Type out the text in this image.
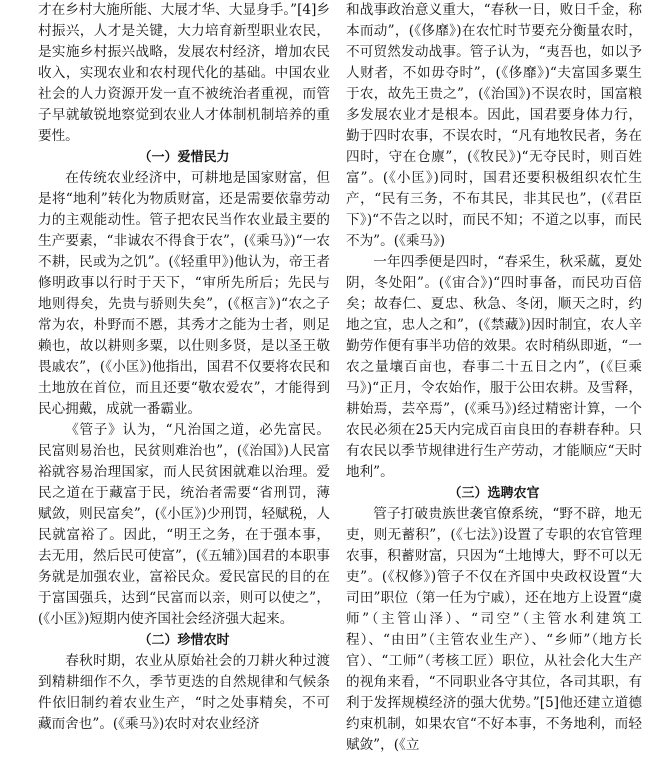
才在乡村大施所能、大展才华、大显身手。”[4]乡村振兴，人才是关键，大力培育新型职业农民，是实施乡村振兴战略，发展农村经济，增加农民收入，实现农业和农村现代化的基础。中国农业社会的人力资源开发一直不被统治者重视，而管子早就敏锐地察觉到农业人才体制机制培养的重要性。

（一）爱惜民力

在传统农业经济中，可耕地是国家财富，但是将“地利”转化为物质财富，还是需要依靠劳动力的主观能动性。管子把农民当作农业最主要的生产要素，“非诚农不得食于农”，(《乘马》)“一农不耕，民或为之饥”。(《轻重甲》)他认为，帝王者修明政事以行时于天下，“审所先所后；先民与地则得矣，先贵与骄则失矣”，(《枢言》)“农之子常为农，朴野而不慝，其秀才之能为士者，则足赖也，故以耕则多粟，以仕则多贤，是以圣王敬畏戚农”，(《小匡》)他指出，国君不仅要将农民和土地放在首位，而且还要“敬农爱农”，才能得到民心拥戴，成就一番霸业。

《管子》认为，“凡治国之道，必先富民。民富则易治也，民贫则难治也”，(《治国》)人民富裕就容易治理国家，而人民贫困就难以治理。爱民之道在于藏富于民，统治者需要“省刑罚，薄赋敛，则民富矣”，(《小匡》)少刑罚，轻赋税，人民就富裕了。因此，“明王之务，在于强本事，去无用，然后民可使富”，(《五辅》)国君的本职事务就是加强农业，富裕民众。爱民富民的目的在于富国强兵，达到“民富而以亲，则可以使之”，(《小匡》)短期内使齐国社会经济强大起来。

（二）珍惜农时

春秋时期，农业从原始社会的刀耕火种过渡到精耕细作不久，季节更迭的自然规律和气候条件依旧制约着农业生产，“时之处事精矣，不可藏而舍也”。(《乘马》)农时对农业经济

和战事政治意义重大，“春秋一日，败日千金，称本而动”，(《侈靡》)在农忙时节要充分衡量农时，不可贸然发动战事。管子认为，“夷吾也，如以予人财者，不如毋夺时”，(《侈靡》)“夫富国多粟生于农，故先王贵之”，(《治国》)不误农时，国富粮多发展农业才是根本。因此，国君要身体力行，勤于四时农事，不误农时，“凡有地牧民者，务在四时，守在仓廪”，(《牧民》)“无夺民时，则百姓富”。(《小匡》)同时，国君还要积极组织农忙生产，“民有三务，不布其民，非其民也”，(《君臣下》)“不告之以时，而民不知；不道之以事，而民不为”。(《乘马》)

一年四季便是四时，“春采生，秋采蓏，夏处阴，冬处阳”。(《宙合》)“四时事备，而民功百倍矣；故春仁、夏忠、秋急、冬闭，顺天之时，约地之宜，忠人之和”，(《禁藏》)因时制宜，农人辛勤劳作便有事半功倍的效果。农时稍纵即逝，“一农之量壤百亩也，春事二十五日之内”，(《巨乘马》)“正月，令农始作，服于公田农耕。及雪释，耕始焉，芸卒焉”，(《乘马》)经过精密计算，一个农民必须在25天内完成百亩良田的春耕春种。只有农民以季节规律进行生产劳动，才能顺应“天时地利”。

（三）选聘农官

管子打破贵族世袭官僚系统，“野不辟，地无吏，则无蓄积”，(《七法》)设置了专职的农官管理农事，积蓄财富，只因为“土地博大，野不可以无吏”。(《权修》)管子不仅在齐国中央政权设置“大司田”职位（第一任为宁戚），还在地方上设置“虞师”（主管山泽）、“司空”（主管水利建筑工程）、“由田”（主管农业生产）、“乡师”（地方长官）、“工师”（考核工匠）职位，从社会化大生产的视角来看，“不同职业各守其位，各司其职，有利于发挥规模经济的强大优势。”[5]他还建立道德约束机制，如果农官“不好本事，不务地利，而轻赋敛”，(《立
